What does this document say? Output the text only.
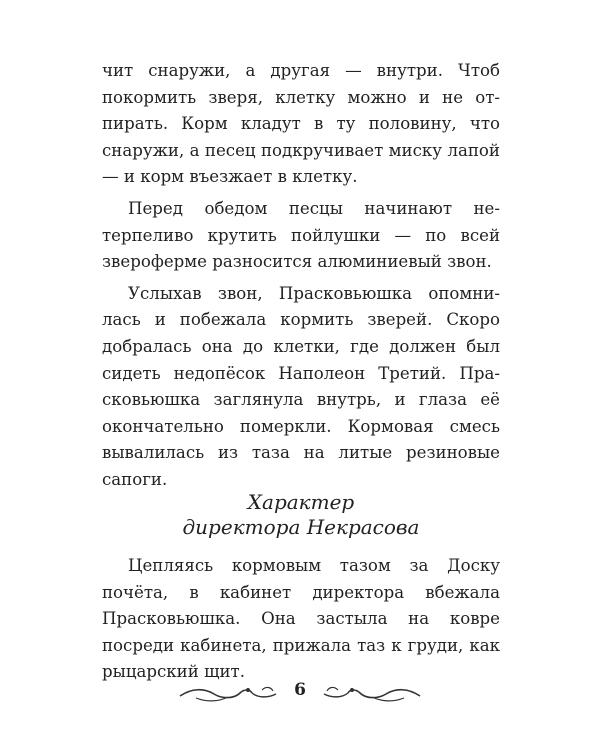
чит снаружи, а другая — внутри. Чтоб покормить зверя, клетку можно и не отпирать. Корм кладут в ту половину, что снаружи, а песец подкручивает миску лапой — и корм въезжает в клетку.

Перед обедом песцы начинают нетерпеливо крутить пойлушки — по всей звероферме разносится алюминиевый звон.

Услыхав звон, Прасковьюшка опомнилась и побежала кормить зверей. Скоро добралась она до клетки, где должен был сидеть недопёсок Наполеон Третий. Прасковьюшка заглянула внутрь, и глаза её окончательно померкли. Кормовая смесь вывалилась из таза на литые резиновые сапоги.

Характер
директора Некрасова

Цепляясь кормовым тазом за Доску почёта, в кабинет директора вбежала Прасковьюшка. Она застыла на ковре посреди кабинета, прижала таз к груди, как рыцарский щит.

6
